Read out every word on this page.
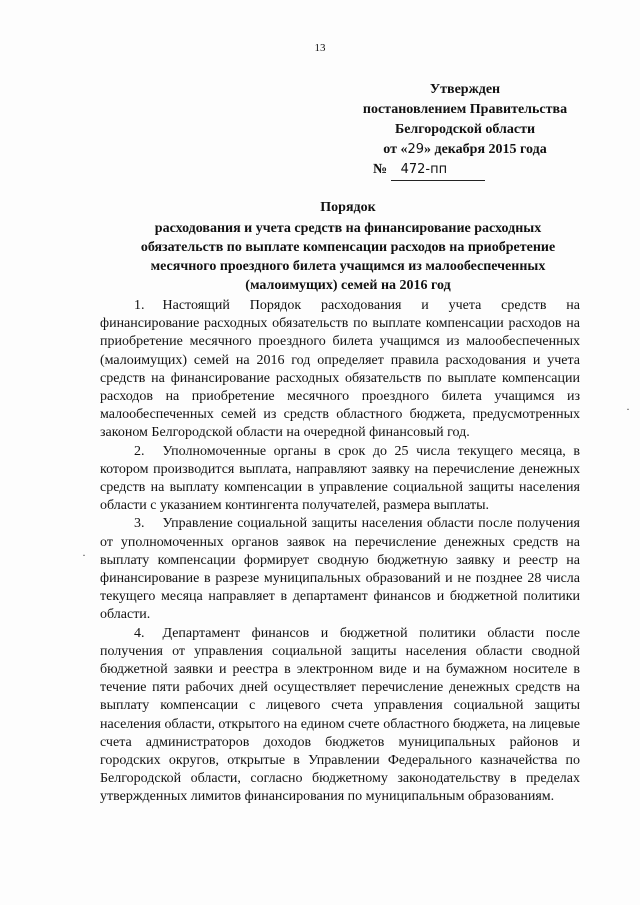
13
Утвержден
постановлением Правительства
Белгородской области
от «29» декабря 2015 года
№ 472-пп
Порядок
расходования и учета средств на финансирование расходных
обязательств по выплате компенсации расходов на приобретение
месячного проездного билета учащимся из малообеспеченных
(малоимущих) семей на 2016 год

1. Настоящий Порядок расходования и учета средств на финансирование расходных обязательств по выплате компенсации расходов на приобретение месячного проездного билета учащимся из малообеспеченных (малоимущих) семей на 2016 год определяет правила расходования и учета средств на финансирование расходных обязательств по выплате компенсации расходов на приобретение месячного проездного билета учащимся из малообеспеченных семей из средств областного бюджета, предусмотренных законом Белгородской области на очередной финансовый год.

2. Уполномоченные органы в срок до 25 числа текущего месяца, в котором производится выплата, направляют заявку на перечисление денежных средств на выплату компенсации в управление социальной защиты населения области с указанием контингента получателей, размера выплаты.

3. Управление социальной защиты населения области после получения от уполномоченных органов заявок на перечисление денежных средств на выплату компенсации формирует сводную бюджетную заявку и реестр на финансирование в разрезе муниципальных образований и не позднее 28 числа текущего месяца направляет в департамент финансов и бюджетной политики области.

4. Департамент финансов и бюджетной политики области после получения от управления социальной защиты населения области сводной бюджетной заявки и реестра в электронном виде и на бумажном носителе в течение пяти рабочих дней осуществляет перечисление денежных средств на выплату компенсации с лицевого счета управления социальной защиты населения области, открытого на едином счете областного бюджета, на лицевые счета администраторов доходов бюджетов муниципальных районов и городских округов, открытые в Управлении Федерального казначейства по Белгородской области, согласно бюджетному законодательству в пределах утвержденных лимитов финансирования по муниципальным образованиям.

·
·
